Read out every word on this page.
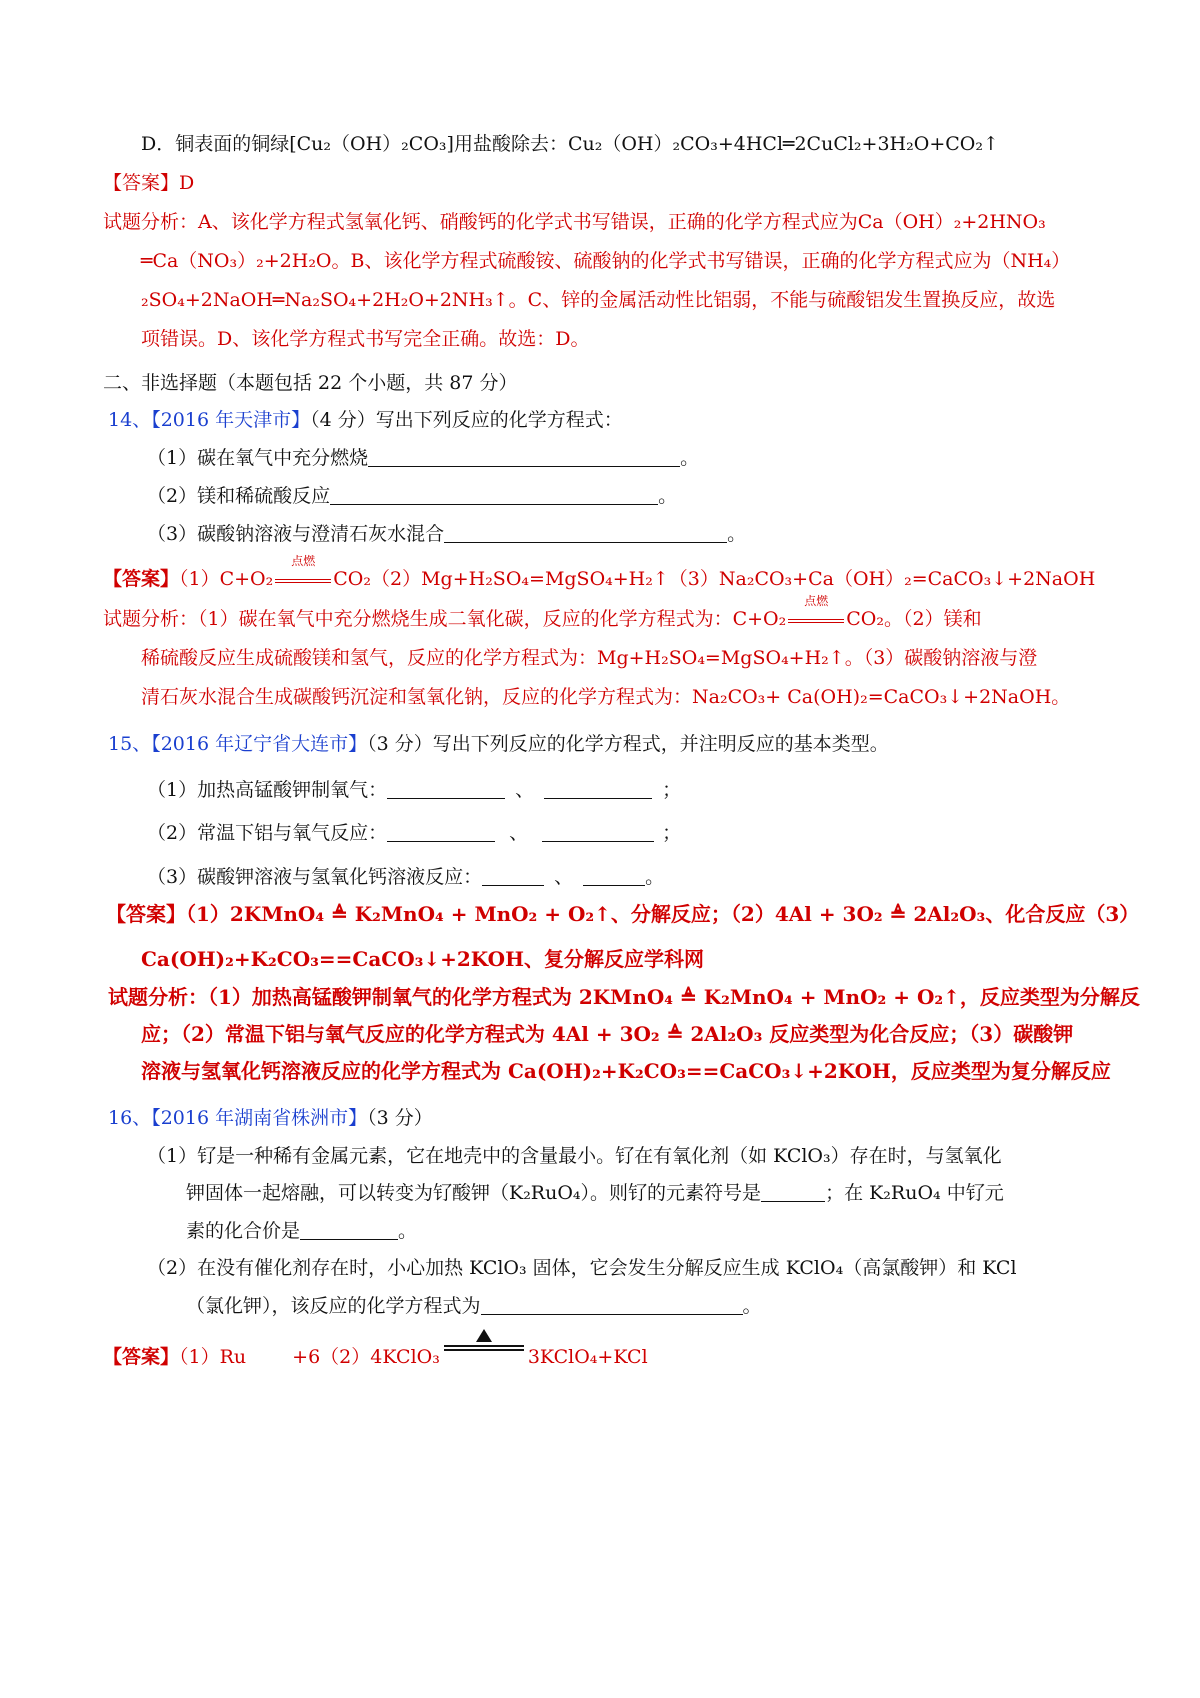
D．铜表面的铜绿[Cu₂（OH）₂CO₃]用盐酸除去：Cu₂（OH）₂CO₃+4HCl═2CuCl₂+3H₂O+CO₂↑
【答案】D
试题分析：A、该化学方程式氢氧化钙、硝酸钙的化学式书写错误，正确的化学方程式应为Ca（OH）₂+2HNO₃
═Ca（NO₃）₂+2H₂O。B、该化学方程式硫酸铵、硫酸钠的化学式书写错误，正确的化学方程式应为（NH₄）
₂SO₄+2NaOH═Na₂SO₄+2H₂O+2NH₃↑。C、锌的金属活动性比铝弱，不能与硫酸铝发生置换反应，故选
项错误。D、该化学方程式书写完全正确。故选：D。
二、非选择题（本题包括 22 个小题，共 87 分）
14、【2016 年天津市】（4 分）写出下列反应的化学方程式：
（1）碳在氧气中充分燃烧	。
（2）镁和稀硫酸反应	。
（3）碳酸钠溶液与澄清石灰水混合	。
【答案】（1）C+O₂
点燃
CO₂（2）Mg+H₂SO₄=MgSO₄+H₂↑（3）Na₂CO₃+Ca（OH）₂=CaCO₃↓+2NaOH
试题分析：（1）碳在氧气中充分燃烧生成二氧化碳，反应的化学方程式为：C+O₂
点燃
CO₂。（2）镁和
稀硫酸反应生成硫酸镁和氢气，反应的化学方程式为：Mg+H₂SO₄=MgSO₄+H₂↑。（3）碳酸钠溶液与澄
清石灰水混合生成碳酸钙沉淀和氢氧化钠，反应的化学方程式为：Na₂CO₃+ Ca(OH)₂=CaCO₃↓+2NaOH。
15、【2016 年辽宁省大连市】（3 分）写出下列反应的化学方程式，并注明反应的基本类型。
（1）加热高锰酸钾制氧气：	、	；
（2）常温下铝与氧气反应：	、	；
（3）碳酸钾溶液与氢氧化钙溶液反应：	、	。
【答案】（1）2KMnO₄ ≜ K₂MnO₄ + MnO₂ + O₂↑、分解反应；（2）4Al + 3O₂ ≜ 2Al₂O₃、化合反应（3）
Ca(OH)₂+K₂CO₃==CaCO₃↓+2KOH、复分解反应学科网
试题分析：（1）加热高锰酸钾制氧气的化学方程式为 2KMnO₄ ≜ K₂MnO₄ + MnO₂ + O₂↑，反应类型为分解反
应；（2）常温下铝与氧气反应的化学方程式为 4Al + 3O₂ ≜ 2Al₂O₃ 反应类型为化合反应；（3）碳酸钾
溶液与氢氧化钙溶液反应的化学方程式为 Ca(OH)₂+K₂CO₃==CaCO₃↓+2KOH，反应类型为复分解反应
16、【2016 年湖南省株洲市】（3 分）
（1）钌是一种稀有金属元素，它在地壳中的含量最小。钌在有氧化剂（如 KClO₃）存在时，与氢氧化
钾固体一起熔融，可以转变为钌酸钾（K₂RuO₄）。则钌的元素符号是	；在 K₂RuO₄ 中钌元
素的化合价是	。
（2）在没有催化剂存在时，小心加热 KClO₃ 固体，它会发生分解反应生成 KClO₄（高氯酸钾）和 KCl
（氯化钾），该反应的化学方程式为	。
【答案】（1）Ru +6（2）4KClO₃	3KClO₄+KCl
